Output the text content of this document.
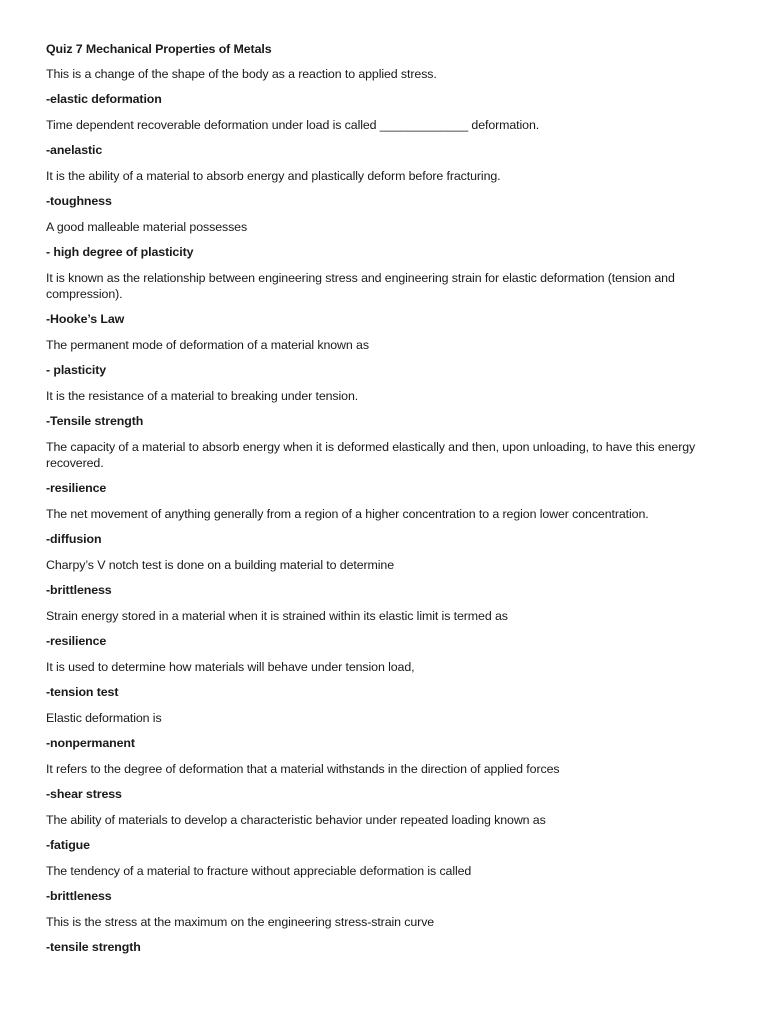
Quiz 7 Mechanical Properties of Metals
This is a change of the shape of the body as a reaction to applied stress.
-elastic deformation
Time dependent recoverable deformation under load is called _____________ deformation.
-anelastic
It is the ability of a material to absorb energy and plastically deform before fracturing.
-toughness
A good malleable material possesses
- high degree of plasticity
It is known as the relationship between engineering stress and engineering strain for elastic deformation (tension and compression).
-Hooke’s Law
The permanent mode of deformation of a material known as
- plasticity
It is the resistance of a material to breaking under tension.
-Tensile strength
The capacity of a material to absorb energy when it is deformed elastically and then, upon unloading, to have this energy recovered.
-resilience
The net movement of anything generally from a region of a higher concentration to a region lower concentration.
-diffusion
Charpy’s V notch test is done on a building material to determine
-brittleness
Strain energy stored in a material when it is strained within its elastic limit is termed as
-resilience
It is used to determine how materials will behave under tension load,
-tension test
Elastic deformation is
-nonpermanent
It refers to the degree of deformation that a material withstands in the direction of applied forces
-shear stress
The ability of materials to develop a characteristic behavior under repeated loading known as
-fatigue
The tendency of a material to fracture without appreciable deformation is called
-brittleness
This is the stress at the maximum on the engineering stress-strain curve
-tensile strength
